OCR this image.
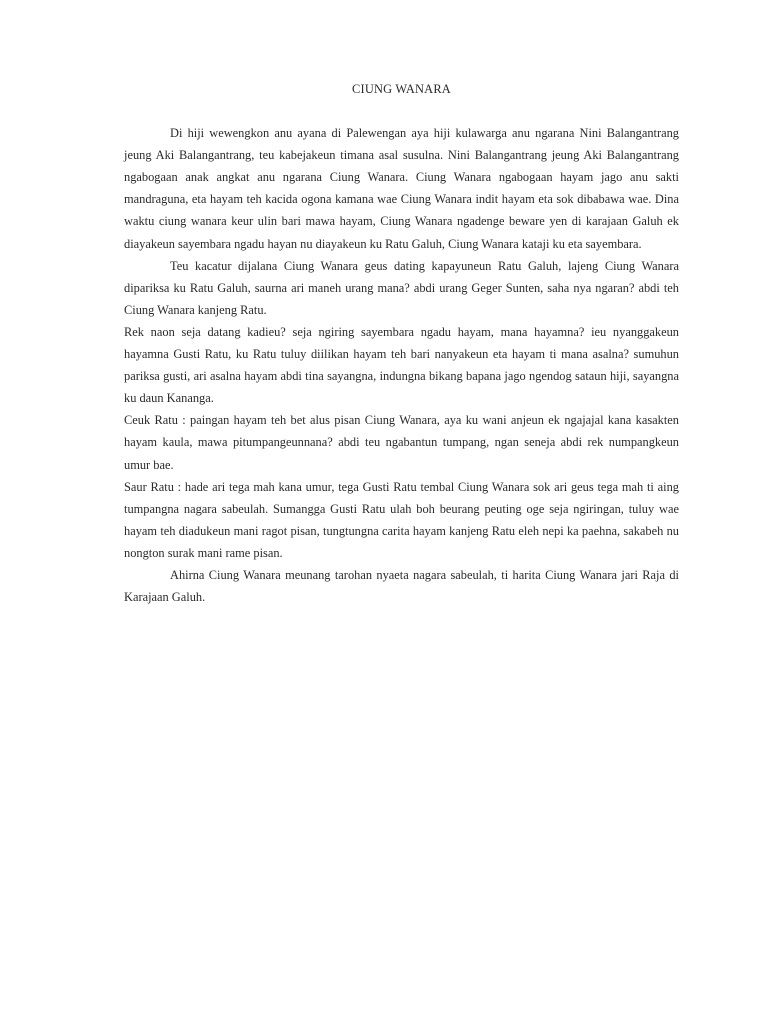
CIUNG WANARA

Di hiji wewengkon anu ayana di Palewengan aya hiji kulawarga anu ngarana Nini Balangantrang jeung Aki Balangantrang, teu kabejakeun timana asal susulna. Nini Balangantrang jeung Aki Balangantrang ngabogaan anak angkat anu ngarana Ciung Wanara. Ciung Wanara ngabogaan hayam jago anu sakti mandraguna, eta hayam teh kacida ogona kamana wae Ciung Wanara indit hayam eta sok dibabawa wae. Dina waktu ciung wanara keur ulin bari mawa hayam, Ciung Wanara ngadenge beware yen di karajaan Galuh ek diayakeun sayembara ngadu hayan nu diayakeun ku Ratu Galuh, Ciung Wanara kataji ku eta sayembara.

Teu kacatur dijalana Ciung Wanara geus dating kapayuneun Ratu Galuh, lajeng Ciung Wanara dipariksa ku Ratu Galuh, saurna ari maneh urang mana? abdi urang Geger Sunten, saha nya ngaran? abdi teh Ciung Wanara kanjeng Ratu.

Rek naon seja datang kadieu? seja ngiring sayembara ngadu hayam, mana hayamna? ieu nyanggakeun hayamna Gusti Ratu, ku Ratu tuluy diilikan hayam teh bari nanyakeun eta hayam ti mana asalna? sumuhun pariksa gusti, ari asalna hayam abdi tina sayangna, indungna bikang bapana jago ngendog sataun hiji, sayangna ku daun Kananga.

Ceuk Ratu : paingan hayam teh bet alus pisan Ciung Wanara, aya ku wani anjeun ek ngajajal kana kasakten hayam kaula, mawa pitumpangeunnana? abdi teu ngabantun tumpang, ngan seneja abdi rek numpangkeun umur bae.

Saur Ratu : hade ari tega mah kana umur, tega Gusti Ratu tembal Ciung Wanara sok ari geus tega mah ti aing tumpangna nagara sabeulah. Sumangga Gusti Ratu ulah boh beurang peuting oge seja ngiringan, tuluy wae hayam teh diadukeun mani ragot pisan, tungtungna carita hayam kanjeng Ratu eleh nepi ka paehna, sakabeh nu nongton surak mani rame pisan.

Ahirna Ciung Wanara meunang tarohan nyaeta nagara sabeulah, ti harita Ciung Wanara jari Raja di Karajaan Galuh.
